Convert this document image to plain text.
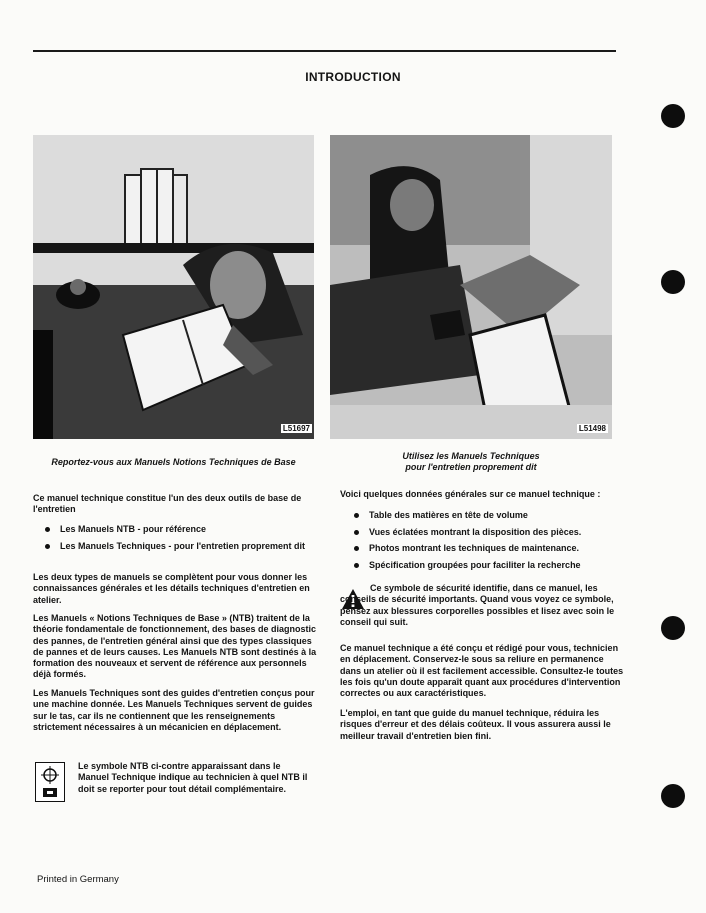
INTRODUCTION
L51697	L51498
Reportez-vous aux Manuels Notions Techniques de Base
Utilisez les Manuels Techniques
pour l'entretien proprement dit

Ce manuel technique constitue l'un des deux outils de base de l'entretien

Les Manuels NTB - pour référence
Les Manuels Techniques - pour l'entretien proprement dit

Les deux types de manuels se complètent pour vous donner les connaissances générales et les détails techniques d'entretien en atelier.

Les Manuels « Notions Techniques de Base » (NTB) traitent de la théorie fondamentale de fonctionnement, des bases de diagnostic des pannes, de l'entretien général ainsi que des types classiques de pannes et de leurs causes. Les Manuels NTB sont destinés à la formation des nouveaux et servent de référence aux personnels déjà formés.

Les Manuels Techniques sont des guides d'entretien conçus pour une machine donnée. Les Manuels Techniques servent de guides sur le tas, car ils ne contiennent que les renseignements strictement nécessaires à un mécanicien en déplacement.

Le symbole NTB ci-contre apparaissant dans le Manuel Technique indique au technicien à quel NTB il doit se reporter pour tout détail complémentaire.

Voici quelques données générales sur ce manuel technique :

Table des matières en tête de volume
Vues éclatées montrant la disposition des pièces.
Photos montrant les techniques de maintenance.
Spécification groupées pour faciliter la recherche

Ce symbole de sécurité identifie, dans ce manuel, les conseils de sécurité importants. Quand vous voyez ce symbole, pensez aux blessures corporelles possibles et lisez avec soin le conseil qui suit.

Ce manuel technique a été conçu et rédigé pour vous, technicien en déplacement. Conservez-le sous sa reliure en permanence dans un atelier où il est facilement accessible. Consultez-le toutes les fois qu'un doute apparaît quant aux procédures d'intervention correctes ou aux caractéristiques.

L'emploi, en tant que guide du manuel technique, réduira les risques d'erreur et des délais coûteux. Il vous assurera aussi le meilleur travail d'entretien bien fini.

Printed in Germany
